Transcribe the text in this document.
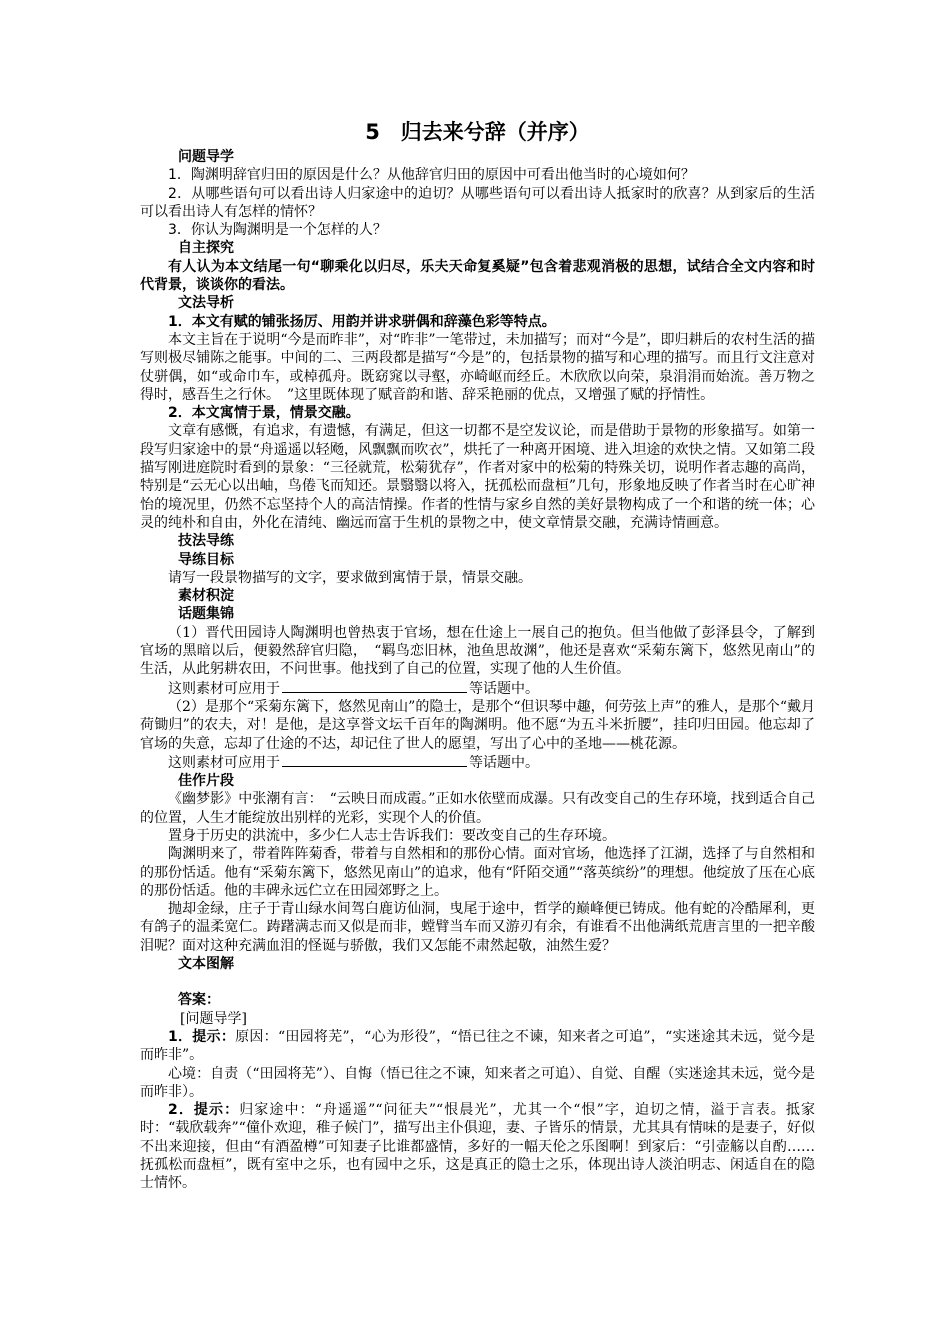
5　归去来兮辞（并序）
问题导学
1．陶渊明辞官归田的原因是什么？从他辞官归田的原因中可看出他当时的心境如何？
2．从哪些语句可以看出诗人归家途中的迫切？从哪些语句可以看出诗人抵家时的欣喜？从到家后的生活可以看出诗人有怎样的情怀？
3．你认为陶渊明是一个怎样的人？
自主探究
有人认为本文结尾一句“聊乘化以归尽，乐夫天命复奚疑”包含着悲观消极的思想，试结合全文内容和时代背景，谈谈你的看法。
文法导析
1．本文有赋的铺张扬厉、用韵并讲求骈偶和辞藻色彩等特点。
本文主旨在于说明“今是而昨非”，对“昨非”一笔带过，未加描写；而对“今是”，即归耕后的农村生活的描写则极尽铺陈之能事。中间的二、三两段都是描写“今是”的，包括景物的描写和心理的描写。而且行文注意对仗骈偶，如“或命巾车，或棹孤舟。既窈窕以寻壑，亦崎岖而经丘。木欣欣以向荣，泉涓涓而始流。善万物之得时，感吾生之行休。　”这里既体现了赋音韵和谐、辞采艳丽的优点，又增强了赋的抒情性。
2．本文寓情于景，情景交融。
文章有感慨，有追求，有遗憾，有满足，但这一切都不是空发议论，而是借助于景物的形象描写。如第一段写归家途中的景“舟遥遥以轻飏，风飘飘而吹衣”，烘托了一种离开困境、进入坦途的欢快之情。又如第二段描写刚进庭院时看到的景象：“三径就荒，松菊犹存”，作者对家中的松菊的特殊关切，说明作者志趣的高尚，特别是“云无心以出岫，鸟倦飞而知还。景翳翳以将入，抚孤松而盘桓”几句，形象地反映了作者当时在心旷神怡的境况里，仍然不忘坚持个人的高洁情操。作者的性情与家乡自然的美好景物构成了一个和谐的统一体；心灵的纯朴和自由，外化在清纯、幽远而富于生机的景物之中，使文章情景交融，充满诗情画意。
技法导练
导练目标
请写一段景物描写的文字，要求做到寓情于景，情景交融。
素材积淀
话题集锦
（1）晋代田园诗人陶渊明也曾热衷于官场，想在仕途上一展自己的抱负。但当他做了彭泽县令，了解到官场的黑暗以后，便毅然辞官归隐，　“羁鸟恋旧林，池鱼思故渊”，他还是喜欢“采菊东篱下，悠然见南山”的生活，从此躬耕农田，不问世事。他找到了自己的位置，实现了他的人生价值。
这则素材可应用于	等话题中。
（2）是那个“采菊东篱下，悠然见南山”的隐士，是那个“但识琴中趣，何劳弦上声”的雅人，是那个“戴月荷锄归”的农夫，对！是他，是这享誉文坛千百年的陶渊明。他不愿“为五斗米折腰”，挂印归田园。他忘却了官场的失意，忘却了仕途的不达，却记住了世人的愿望，写出了心中的圣地——桃花源。
这则素材可应用于	等话题中。
佳作片段
《幽梦影》中张潮有言：　“云映日而成霞。”正如水依壁而成瀑。只有改变自己的生存环境，找到适合自己的位置，人生才能绽放出别样的光彩，实现个人的价值。
置身于历史的洪流中，多少仁人志士告诉我们：要改变自己的生存环境。
陶渊明来了，带着阵阵菊香，带着与自然相和的那份心情。面对官场，他选择了江湖，选择了与自然相和的那份恬适。他有“采菊东篱下，悠然见南山”的追求，他有“阡陌交通”“落英缤纷”的理想。他绽放了压在心底的那份恬适。他的丰碑永远伫立在田园郊野之上。
抛却金绿，庄子于青山绿水间驾白鹿访仙洞，曳尾于途中，哲学的巅峰便已铸成。他有蛇的冷酷犀利，更有鸽子的温柔宽仁。踌躇满志而又似是而非，螳臂当车而又游刃有余，有谁看不出他满纸荒唐言里的一把辛酸泪呢？面对这种充满血泪的怪诞与骄傲，我们又怎能不肃然起敬，油然生爱？
文本图解
答案：
[问题导学]
1．提示：原因：“田园将芜”，“心为形役”，“悟已往之不谏，知来者之可追”，“实迷途其未远，觉今是而昨非”。
心境：自责（“田园将芜”）、自悔（悟已往之不谏，知来者之可追）、自觉、自醒（实迷途其未远，觉今是而昨非）。
2．提示：归家途中：“舟遥遥”“问征夫”“恨晨光”，尤其一个“恨”字，迫切之情，溢于言表。抵家时：“载欣载奔”“僮仆欢迎，稚子候门”，描写出主仆俱迎，妻、子皆乐的情景，尤其具有情味的是妻子，好似不出来迎接，但由“有酒盈樽”可知妻子比谁都盛情，多好的一幅天伦之乐图啊！到家后：“引壶觞以自酌……抚孤松而盘桓”，既有室中之乐，也有园中之乐，这是真正的隐士之乐，体现出诗人淡泊明志、闲适自在的隐士情怀。
